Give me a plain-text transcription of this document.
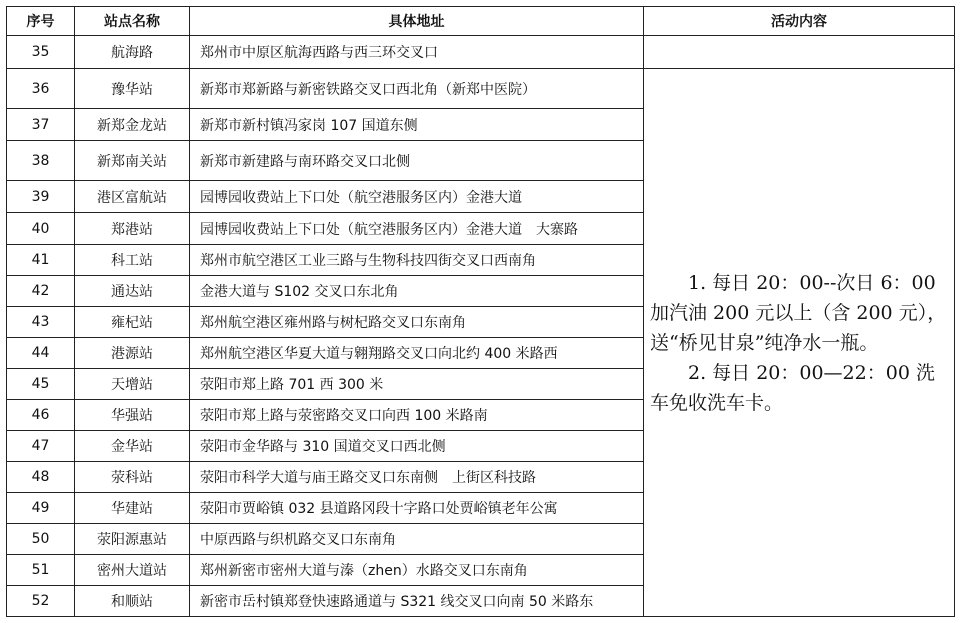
序号	站点名称	具体地址	活动内容
35	航海路	郑州市中原区航海西路与西三环交叉口	
36	豫华站	新郑市郑新路与新密铁路交叉口西北角（新郑中医院）	1. 每日 20：00--次日 6：00 加汽油 200 元以上（含 200 元），送“桥见甘泉”纯净水一瓶。

2. 每日 20：00—22：00 洗车免收洗车卡。

37	新郑金龙站	新郑市新村镇冯家岗 107 国道东侧	
38	新郑南关站	新郑市新建路与南环路交叉口北侧	
39	港区富航站	园博园收费站上下口处（航空港服务区内）金港大道	
40	郑港站	园博园收费站上下口处（航空港服务区内）金港大道　大寨路	
41	科工站	郑州市航空港区工业三路与生物科技四街交叉口西南角	
42	通达站	金港大道与 S102 交叉口东北角	
43	雍杞站	郑州航空港区雍州路与树杞路交叉口东南角	
44	港源站	郑州航空港区华夏大道与翱翔路交叉口向北约 400 米路西	
45	天增站	荥阳市郑上路 701 西 300 米	
46	华强站	荥阳市郑上路与荥密路交叉口向西 100 米路南	
47	金华站	荥阳市金华路与 310 国道交叉口西北侧	
48	荥科站	荥阳市科学大道与庙王路交叉口东南侧　上街区科技路	
49	华建站	荥阳市贾峪镇 032 县道路冈段十字路口处贾峪镇老年公寓	
50	荥阳源惠站	中原西路与织机路交叉口东南角	
51	密州大道站	郑州新密市密州大道与溱（zhen）水路交叉口东南角	
52	和顺站	新密市岳村镇郑登快速路通道与 S321 线交叉口向南 50 米路东	
